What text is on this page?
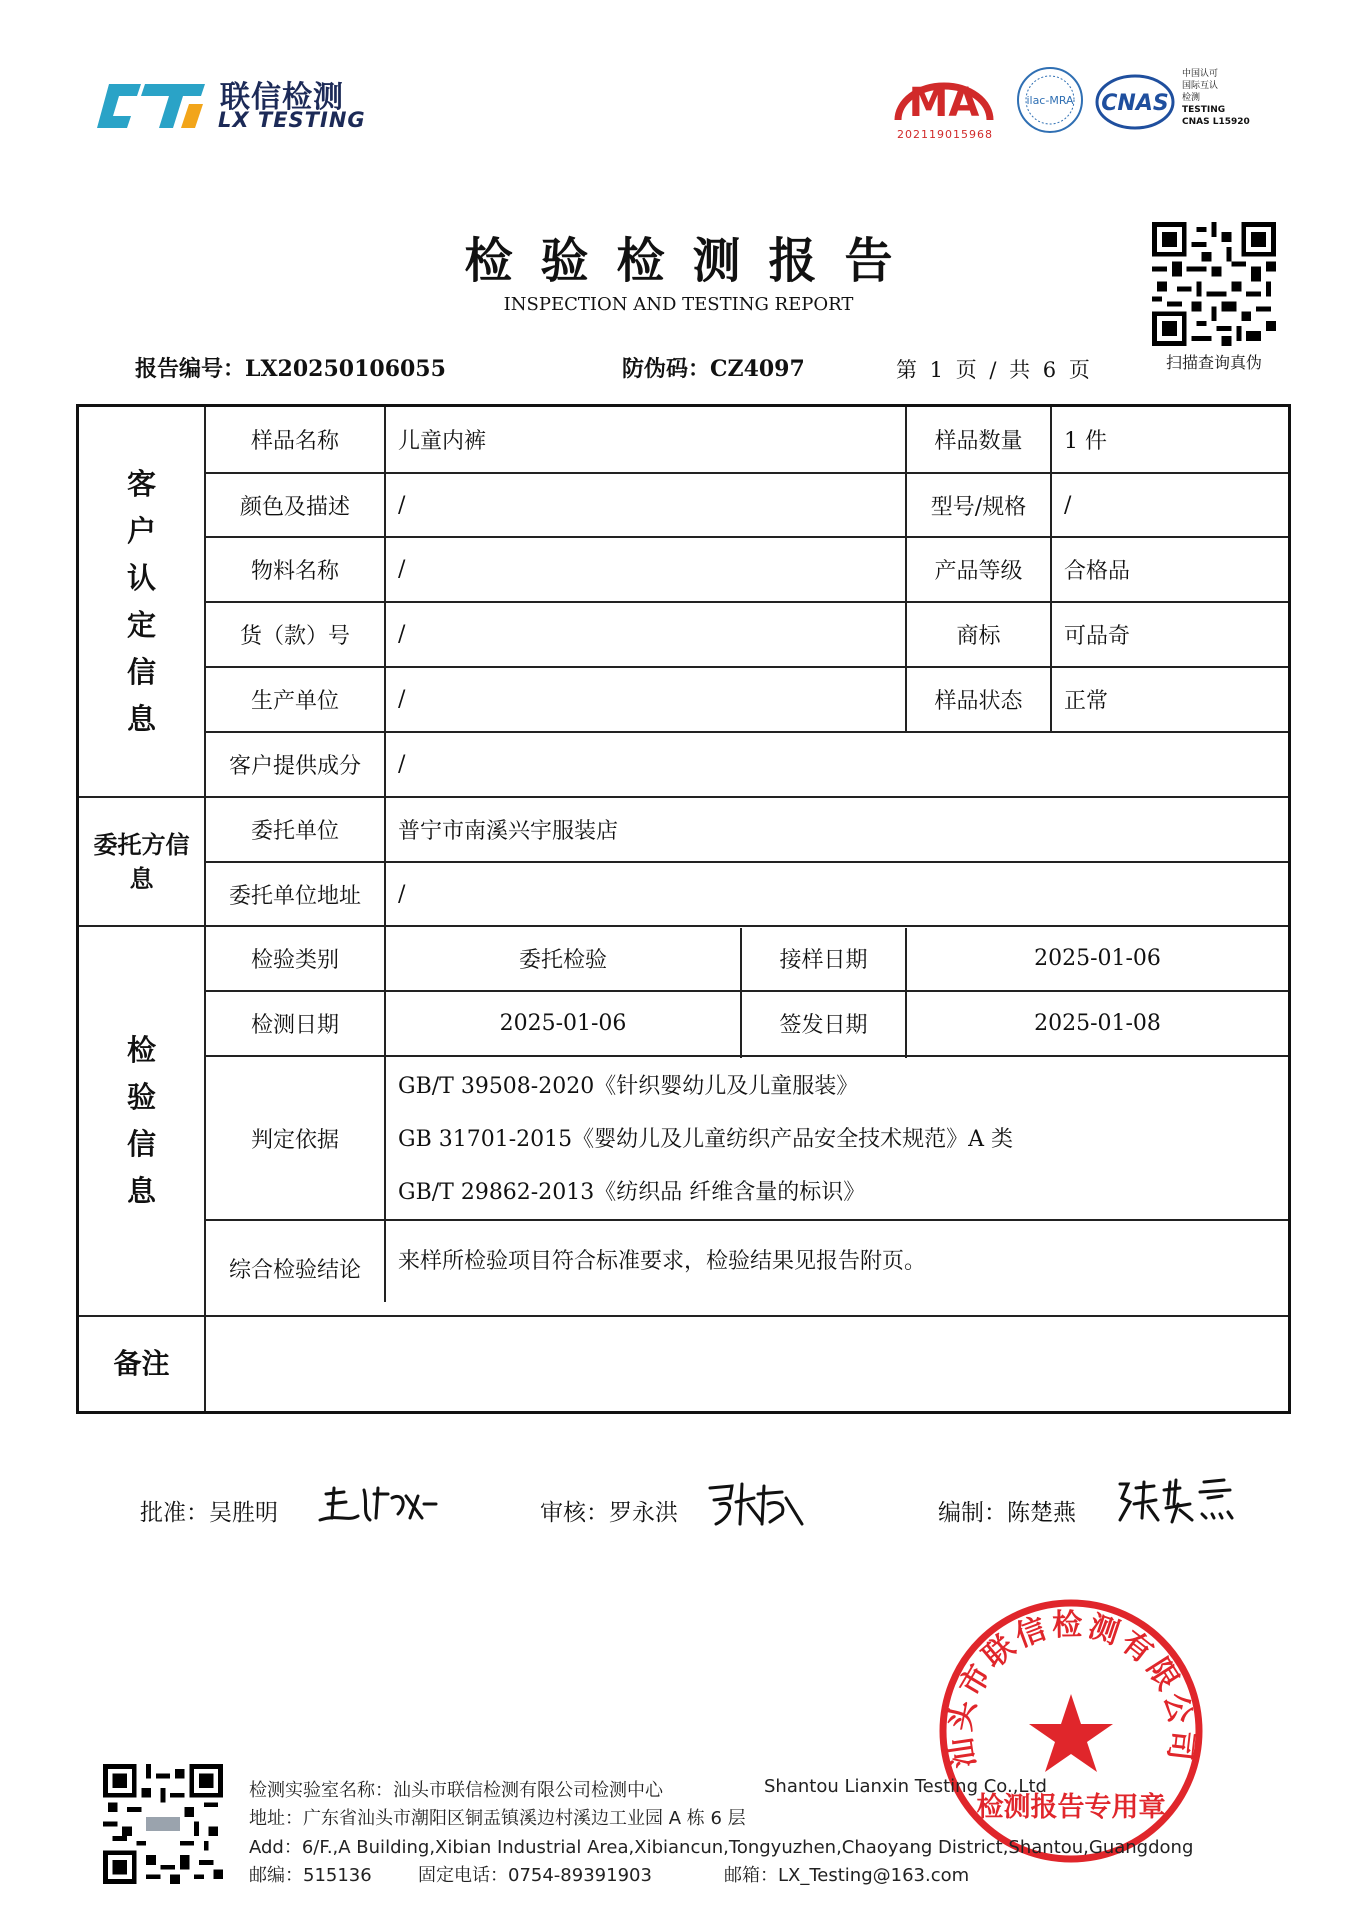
联信检测
LX TESTING	MA
202119015968
ilac-MRA CNAS
中国认可
国际互认
检测
TESTING
CNAS L15920
检验检测报告
INSPECTION AND TESTING REPORT
扫描查询真伪
报告编号：LX20250106055	防伪码：CZ4097	第 1 页 / 共 6 页
客
户
认
定
信
息
委托方信息
检
验
信
息
备注
样品名称	儿童内裤	样品数量	1 件
颜色及描述	/	型号/规格	/
物料名称	/	产品等级	合格品
货（款）号	/	商标	可品奇
生产单位	/	样品状态	正常
客户提供成分	/
委托单位	普宁市南溪兴宇服装店
委托单位地址	/
检验类别	委托检验	接样日期	2025-01-06
检测日期	2025-01-06	签发日期	2025-01-08
判定依据
GB/T 39508-2020《针织婴幼儿及儿童服装》
GB 31701-2015《婴幼儿及儿童纺织产品安全技术规范》A 类
GB/T 29862-2013《纺织品 纤维含量的标识》
综合检验结论	来样所检验项目符合标准要求，检验结果见报告附页。
批准：吴胜明	审核：罗永洪	编制：陈楚燕
汕头市联信检测有限公司
检测报告专用章
检测实验室名称：汕头市联信检测有限公司检测中心	Shantou Lianxin Testing Co.,Ltd
地址：广东省汕头市潮阳区铜盂镇溪边村溪边工业园 A 栋 6 层
Add：6/F.,A Building,Xibian Industrial Area,Xibiancun,Tongyuzhen,Chaoyang District,Shantou,Guangdong
邮编：515136	固定电话：0754-89391903	邮箱：LX_Testing@163.com
